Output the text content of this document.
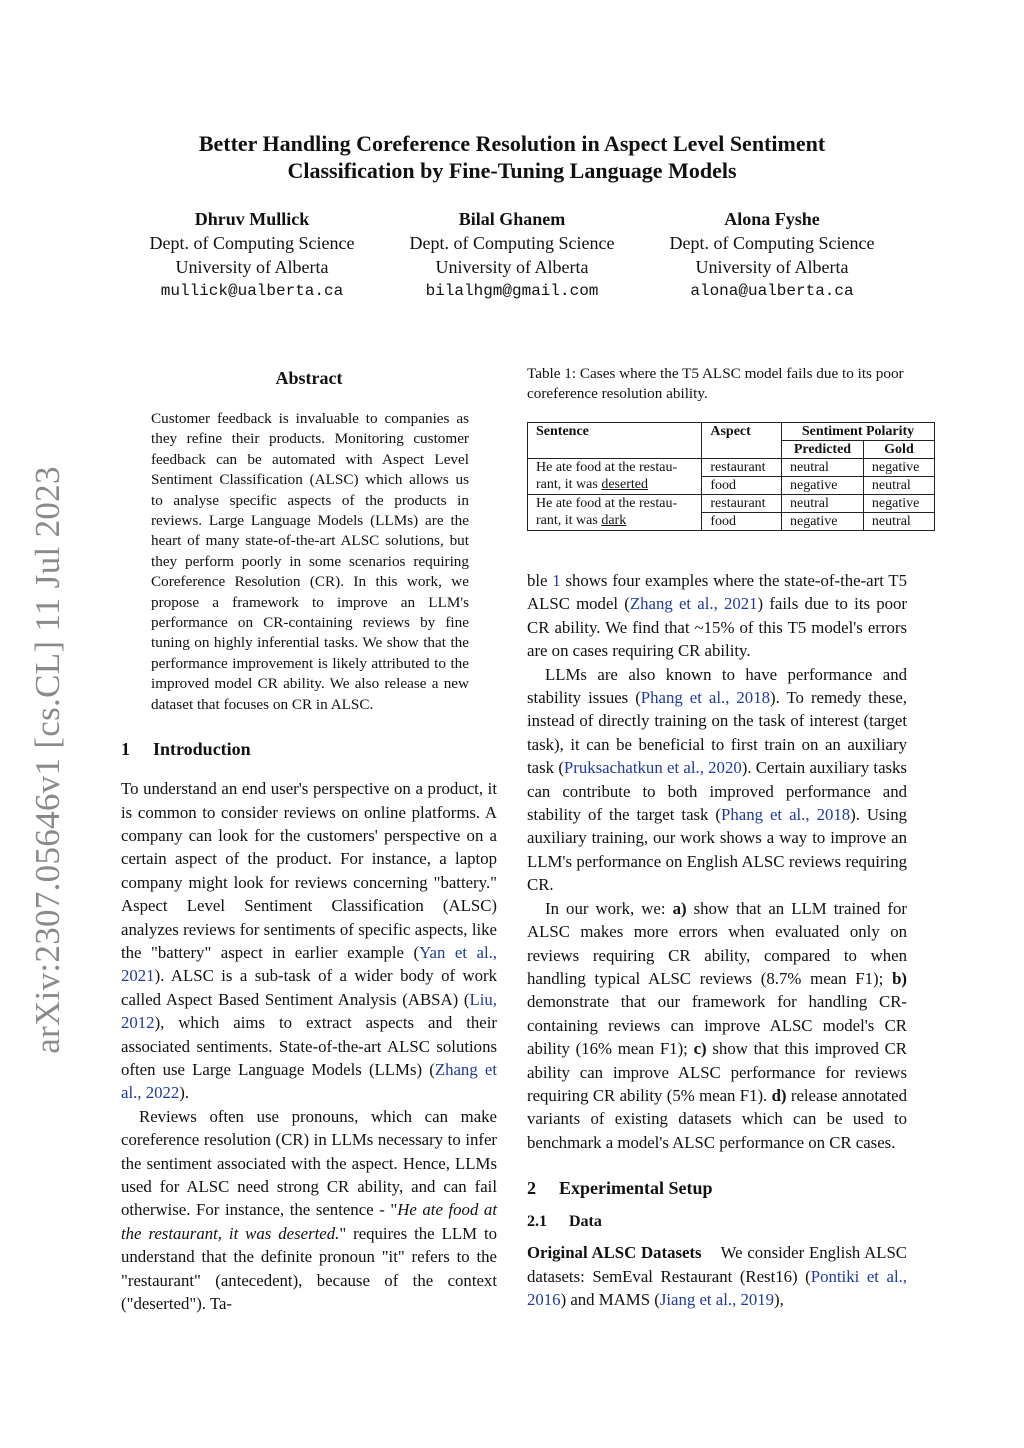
arXiv:2307.05646v1 [cs.CL] 11 Jul 2023
Better Handling Coreference Resolution in Aspect Level Sentiment
Classification by Fine-Tuning Language Models
Dhruv Mullick
Dept. of Computing Science
University of Alberta
mullick@ualberta.ca
Bilal Ghanem
Dept. of Computing Science
University of Alberta
bilalhgm@gmail.com
Alona Fyshe
Dept. of Computing Science
University of Alberta
alona@ualberta.ca
Abstract
Customer feedback is invaluable to companies as they refine their products. Monitoring customer feedback can be automated with Aspect Level Sentiment Classification (ALSC) which allows us to analyse specific aspects of the products in reviews. Large Language Models (LLMs) are the heart of many state-of-the-art ALSC solutions, but they perform poorly in some scenarios requiring Coreference Resolution (CR). In this work, we propose a framework to improve an LLM's performance on CR-containing reviews by fine tuning on highly inferential tasks. We show that the performance improvement is likely attributed to the improved model CR ability. We also release a new dataset that focuses on CR in ALSC.
1 Introduction

To understand an end user's perspective on a product, it is common to consider reviews on online platforms. A company can look for the customers' perspective on a certain aspect of the product. For instance, a laptop company might look for reviews concerning "battery." Aspect Level Sentiment Classification (ALSC) analyzes reviews for sentiments of specific aspects, like the "battery" aspect in earlier example (Yan et al., 2021). ALSC is a sub-task of a wider body of work called Aspect Based Sentiment Analysis (ABSA) (Liu, 2012), which aims to extract aspects and their associated sentiments. State-of-the-art ALSC solutions often use Large Language Models (LLMs) (Zhang et al., 2022).

Reviews often use pronouns, which can make coreference resolution (CR) in LLMs necessary to infer the sentiment associated with the aspect. Hence, LLMs used for ALSC need strong CR ability, and can fail otherwise. For instance, the sentence - "He ate food at the restaurant, it was deserted." requires the LLM to understand that the definite pronoun "it" refers to the "restaurant" (antecedent), because of the context ("deserted"). Ta-

Table 1: Cases where the T5 ALSC model fails due to its poor coreference resolution ability.
Sentence	Aspect	Sentiment Polarity	
		Predicted	Gold
He ate food at the restau-
rant, it was deserted	restaurant	neutral	negative
	food	negative	neutral
He ate food at the restau-
rant, it was dark	restaurant	neutral	negative
	food	negative	neutral

ble 1 shows four examples where the state-of-the-art T5 ALSC model (Zhang et al., 2021) fails due to its poor CR ability. We find that ~15% of this T5 model's errors are on cases requiring CR ability.

LLMs are also known to have performance and stability issues (Phang et al., 2018). To remedy these, instead of directly training on the task of interest (target task), it can be beneficial to first train on an auxiliary task (Pruksachatkun et al., 2020). Certain auxiliary tasks can contribute to both improved performance and stability of the target task (Phang et al., 2018). Using auxiliary training, our work shows a way to improve an LLM's performance on English ALSC reviews requiring CR.

In our work, we: a) show that an LLM trained for ALSC makes more errors when evaluated only on reviews requiring CR ability, compared to when handling typical ALSC reviews (8.7% mean F1); b) demonstrate that our framework for handling CR-containing reviews can improve ALSC model's CR ability (16% mean F1); c) show that this improved CR ability can improve ALSC performance for reviews requiring CR ability (5% mean F1). d) release annotated variants of existing datasets which can be used to benchmark a model's ALSC performance on CR cases.

2 Experimental Setup
2.1 Data

Original ALSC Datasets We consider English ALSC datasets: SemEval Restaurant (Rest16) (Pontiki et al., 2016) and MAMS (Jiang et al., 2019),
